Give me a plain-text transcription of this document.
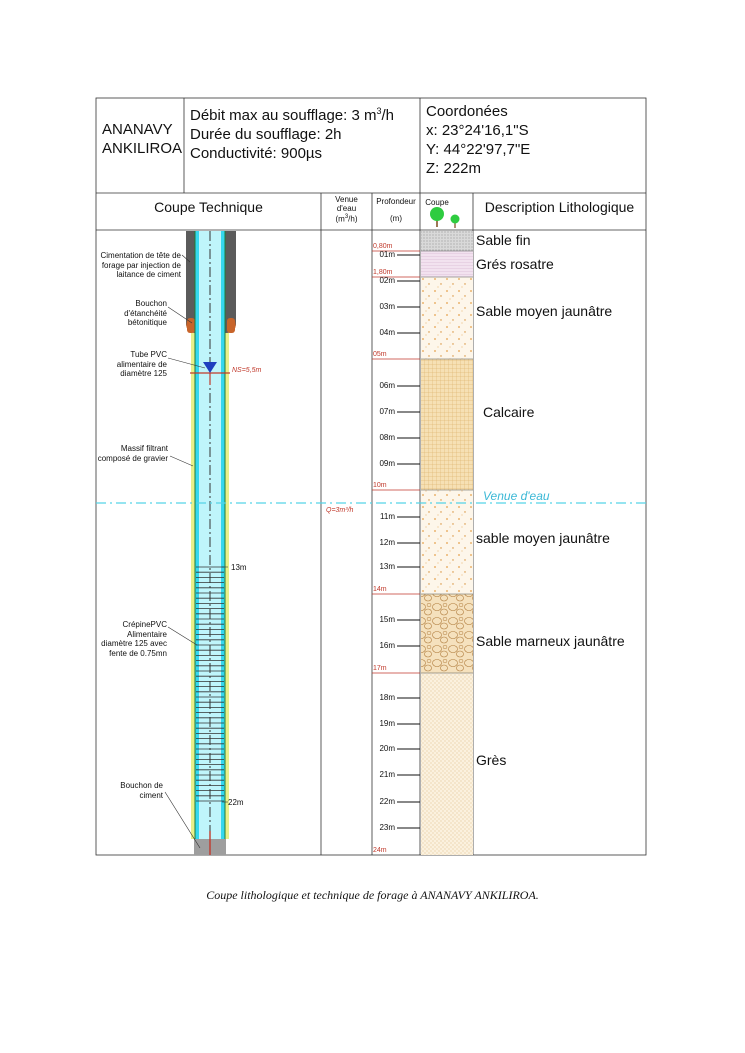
ANANAVY
ANKILIROA
Débit max au soufflage: 3 $m^3/h$
Durée du soufflage: 2h
Conductivité: 900µs
Coordonées
x: 23°24'16,1"S
Y: 44°22'97,7"E
Z: 222m
Coupe Technique	Venue
d'eau
$(m^3/h)$
Profondeur
(m)
Coupe	Description Lithologique
01m
02m
03m
04m
06m
07m
08m
09m
11m
12m
13m
15m
16m
18m
19m
20m
21m
22m
23m
0,80m
1,80m
05m
10m
14m
17m
24m
Sable fin
Grés rosatre
Sable moyen jaunâtre
Calcaire
sable moyen jaunâtre
Sable marneux jaunâtre
Grès
Venue d'eau
Q=3m³/h
Cimentation de tête de forage par injection de laitance de ciment
Bouchon d'étanchéité bétonitique
Tube PVC alimentaire de diamètre 125
Massif filtrant composé de gravier
CrépinePVC Alimentaire diamètre 125 avec fente de 0.75mn
Bouchon de ciment
NS=5,5m
13m
22m
Coupe lithologique et technique de forage à ANANAVY ANKILIROA.
